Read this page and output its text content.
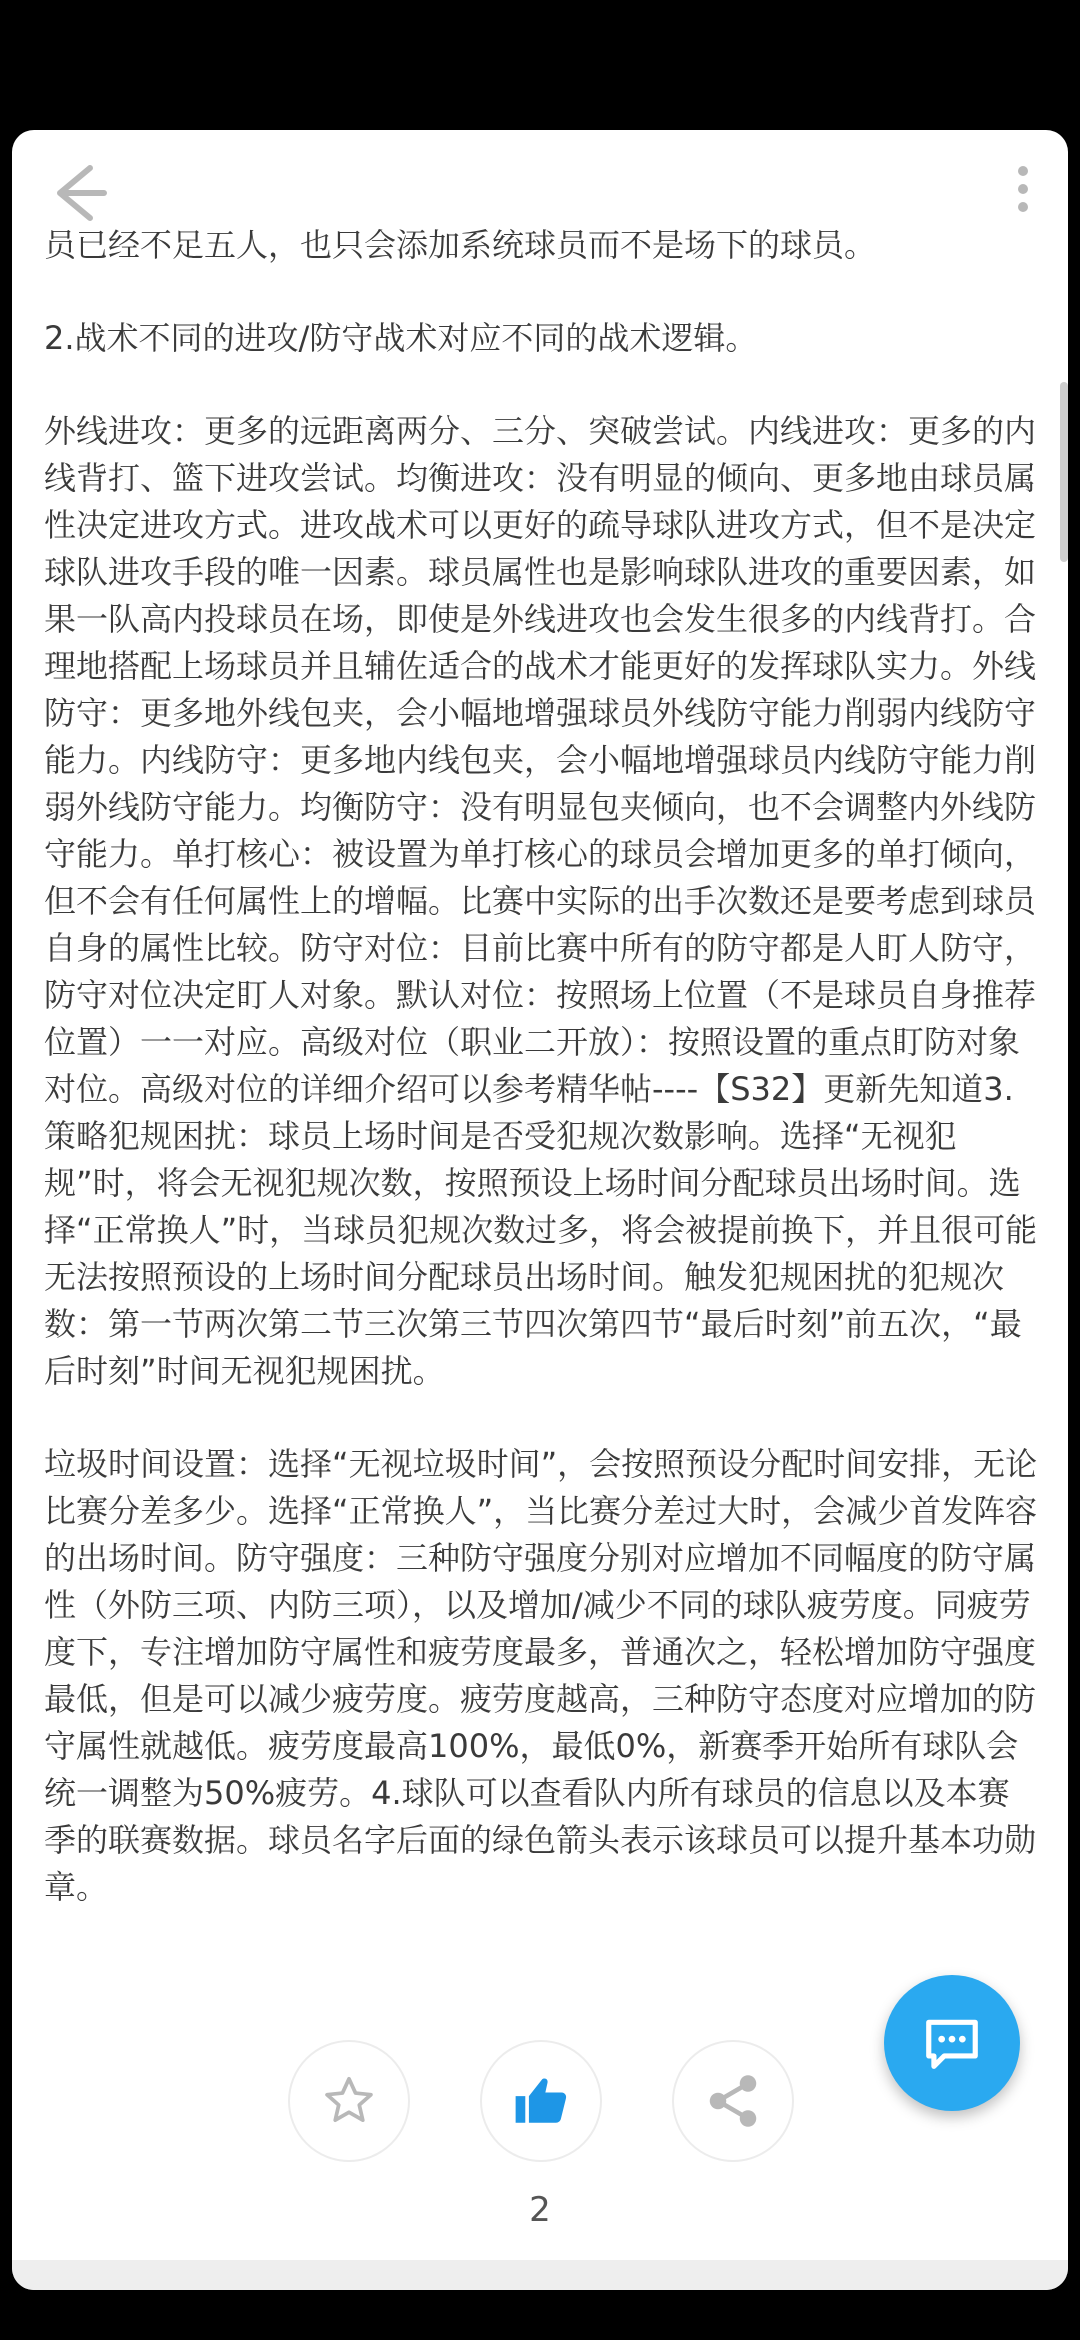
员已经不足五人，也只会添加系统球员而不是场下的球员。

2.战术不同的进攻/防守战术对应不同的战术逻辑。

外线进攻：更多的远距离两分、三分、突破尝试。内线进攻：更多的内线背打、篮下进攻尝试。均衡进攻：没有明显的倾向、更多地由球员属性决定进攻方式。进攻战术可以更好的疏导球队进攻方式，但不是决定球队进攻手段的唯一因素。球员属性也是影响球队进攻的重要因素，如果一队高内投球员在场，即使是外线进攻也会发生很多的内线背打。合理地搭配上场球员并且辅佐适合的战术才能更好的发挥球队实力。外线防守：更多地外线包夹，会小幅地增强球员外线防守能力削弱内线防守能力。内线防守：更多地内线包夹，会小幅地增强球员内线防守能力削弱外线防守能力。均衡防守：没有明显包夹倾向，也不会调整内外线防守能力。单打核心：被设置为单打核心的球员会增加更多的单打倾向，但不会有任何属性上的增幅。比赛中实际的出手次数还是要考虑到球员自身的属性比较。防守对位：目前比赛中所有的防守都是人盯人防守，防守对位决定盯人对象。默认对位：按照场上位置（不是球员自身推荐位置）一一对应。高级对位（职业二开放）：按照设置的重点盯防对象对位。高级对位的详细介绍可以参考精华帖----【S32】更新先知道3.策略犯规困扰：球员上场时间是否受犯规次数影响。选择“无视犯规”时，将会无视犯规次数，按照预设上场时间分配球员出场时间。选择“正常换人”时，当球员犯规次数过多，将会被提前换下，并且很可能无法按照预设的上场时间分配球员出场时间。触发犯规困扰的犯规次数：第一节两次第二节三次第三节四次第四节“最后时刻”前五次，“最后时刻”时间无视犯规困扰。

垃圾时间设置：选择“无视垃圾时间”，会按照预设分配时间安排，无论比赛分差多少。选择“正常换人”，当比赛分差过大时，会减少首发阵容的出场时间。防守强度：三种防守强度分别对应增加不同幅度的防守属性（外防三项、内防三项），以及增加/减少不同的球队疲劳度。同疲劳度下，专注增加防守属性和疲劳度最多，普通次之，轻松增加防守强度最低，但是可以减少疲劳度。疲劳度越高，三种防守态度对应增加的防守属性就越低。疲劳度最高100%，最低0%，新赛季开始所有球队会统一调整为50%疲劳。4.球队可以查看队内所有球员的信息以及本赛季的联赛数据。球员名字后面的绿色箭头表示该球员可以提升基本功勋章。

2
